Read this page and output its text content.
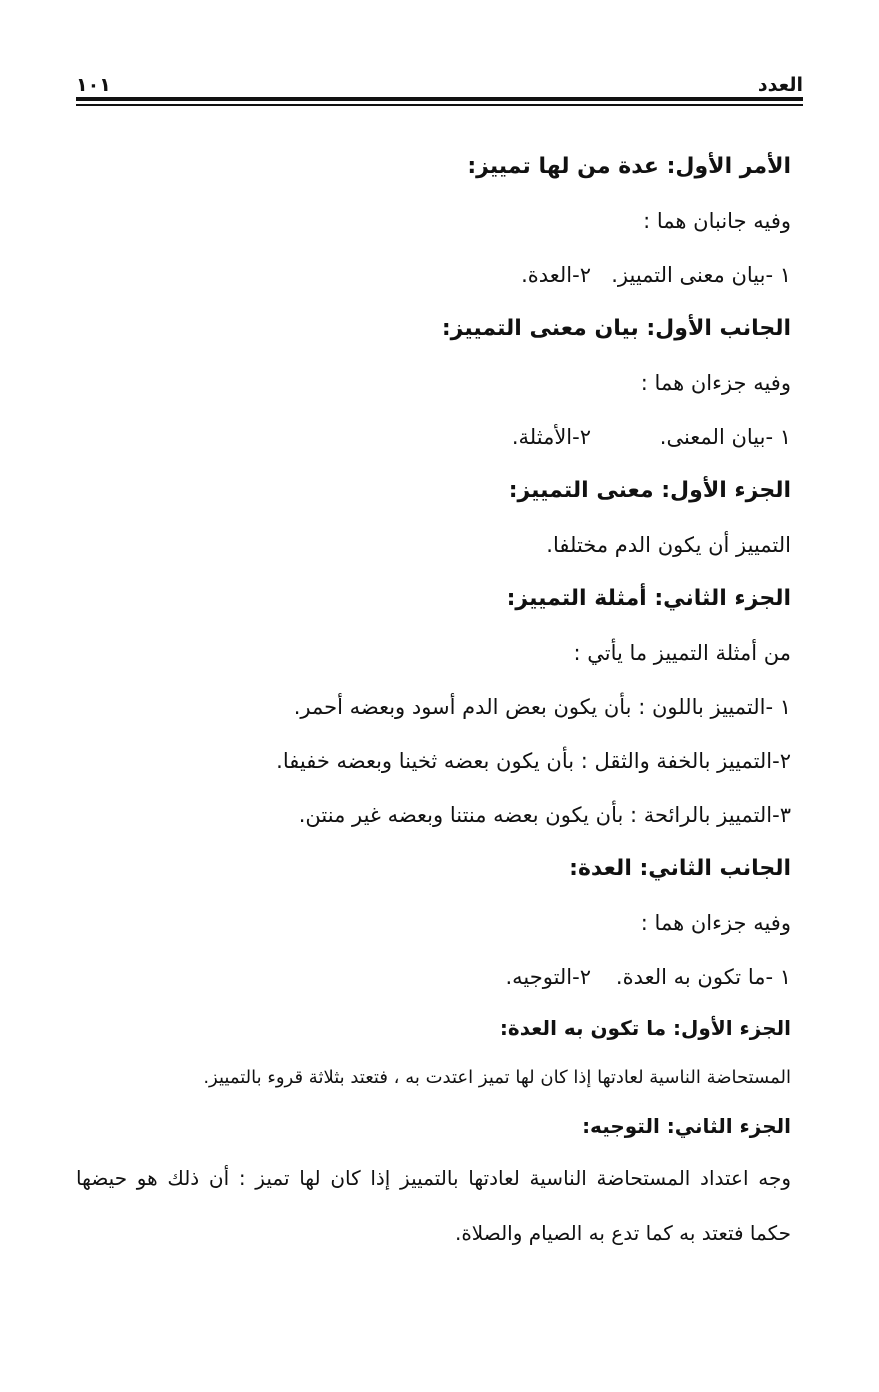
العدد
١٠١
الأمر الأول: عدة من لها تمييز:
وفيه جانبان هما :
١ -بيان معنى التمييز.
٢-العدة.
الجانب الأول: بيان معنى التمييز:
وفيه جزءان هما :
١ -بيان المعنى.
٢-الأمثلة.
الجزء الأول: معنى التمييز:
التمييز أن يكون الدم مختلفا.
الجزء الثاني: أمثلة التمييز:
من أمثلة التمييز ما يأتي :
١ -التمييز باللون : بأن يكون بعض الدم أسود وبعضه أحمر.
٢-التمييز بالخفة والثقل : بأن يكون بعضه ثخينا وبعضه خفيفا.
٣-التمييز بالرائحة : بأن يكون بعضه منتنا وبعضه غير منتن.
الجانب الثاني: العدة:
وفيه جزءان هما :
١ -ما تكون به العدة.
٢-التوجيه.
الجزء الأول: ما تكون به العدة:
المستحاضة الناسية لعادتها إذا كان لها تميز اعتدت به ، فتعتد بثلاثة قروء بالتمييز.
الجزء الثاني: التوجيه:
وجه اعتداد المستحاضة الناسية لعادتها بالتمييز إذا كان لها تميز : أن ذلك هو حيضها حكما فتعتد به كما تدع به الصيام والصلاة.
